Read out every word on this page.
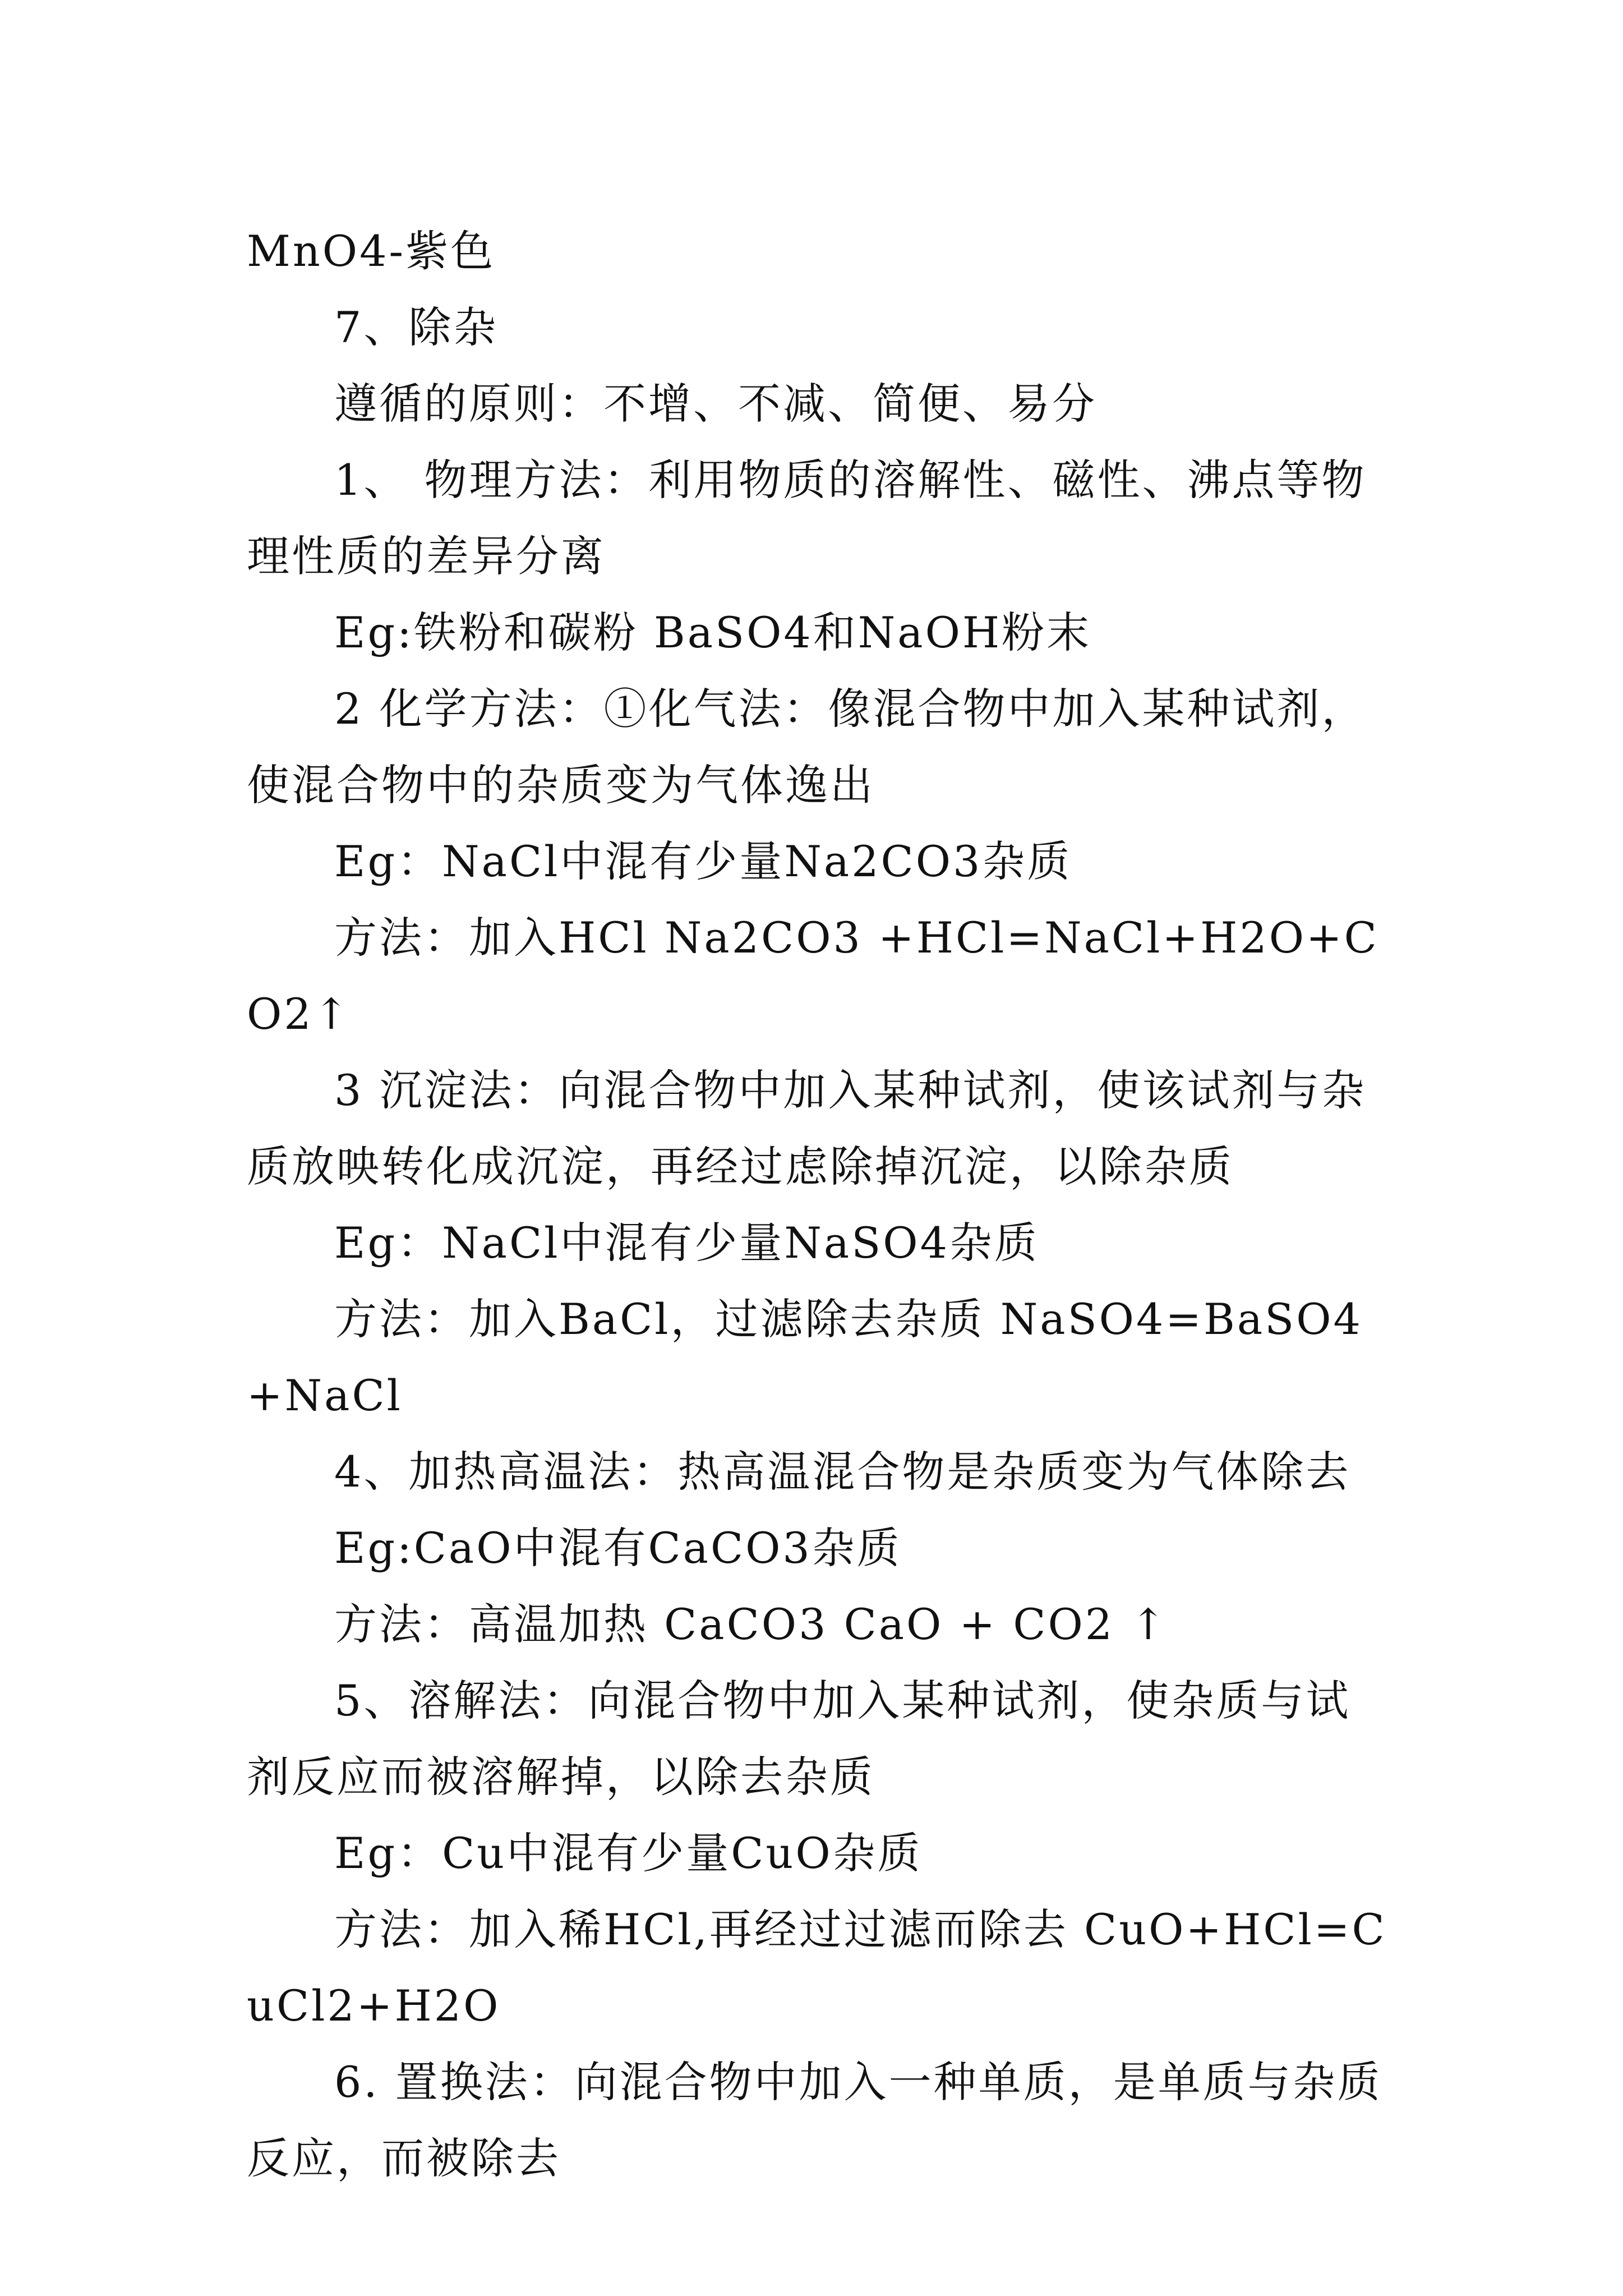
MnO4-紫色

7、除杂

遵循的原则：不增、不减、简便、易分

1、 物理方法：利用物质的溶解性、磁性、沸点等物理性质的差异分离

Eg:铁粉和碳粉 BaSO4和NaOH粉末

2 化学方法：①化气法：像混合物中加入某种试剂，使混合物中的杂质变为气体逸出

Eg：NaCl中混有少量Na2CO3杂质

方法：加入HCl Na2CO3 +HCl=NaCl+H2O+CO2↑

3 沉淀法：向混合物中加入某种试剂，使该试剂与杂质放映转化成沉淀，再经过虑除掉沉淀，以除杂质

Eg：NaCl中混有少量NaSO4杂质

方法：加入BaCl，过滤除去杂质 NaSO4=BaSO4+NaCl

4、加热高温法：热高温混合物是杂质变为气体除去

Eg:CaO中混有CaCO3杂质

方法：高温加热 CaCO3 CaO + CO2 ↑

5、溶解法：向混合物中加入某种试剂，使杂质与试剂反应而被溶解掉，以除去杂质

Eg：Cu中混有少量CuO杂质

方法：加入稀HCl,再经过过滤而除去 CuO+HCl=CuCl2+H2O

6. 置换法：向混合物中加入一种单质，是单质与杂质反应，而被除去
